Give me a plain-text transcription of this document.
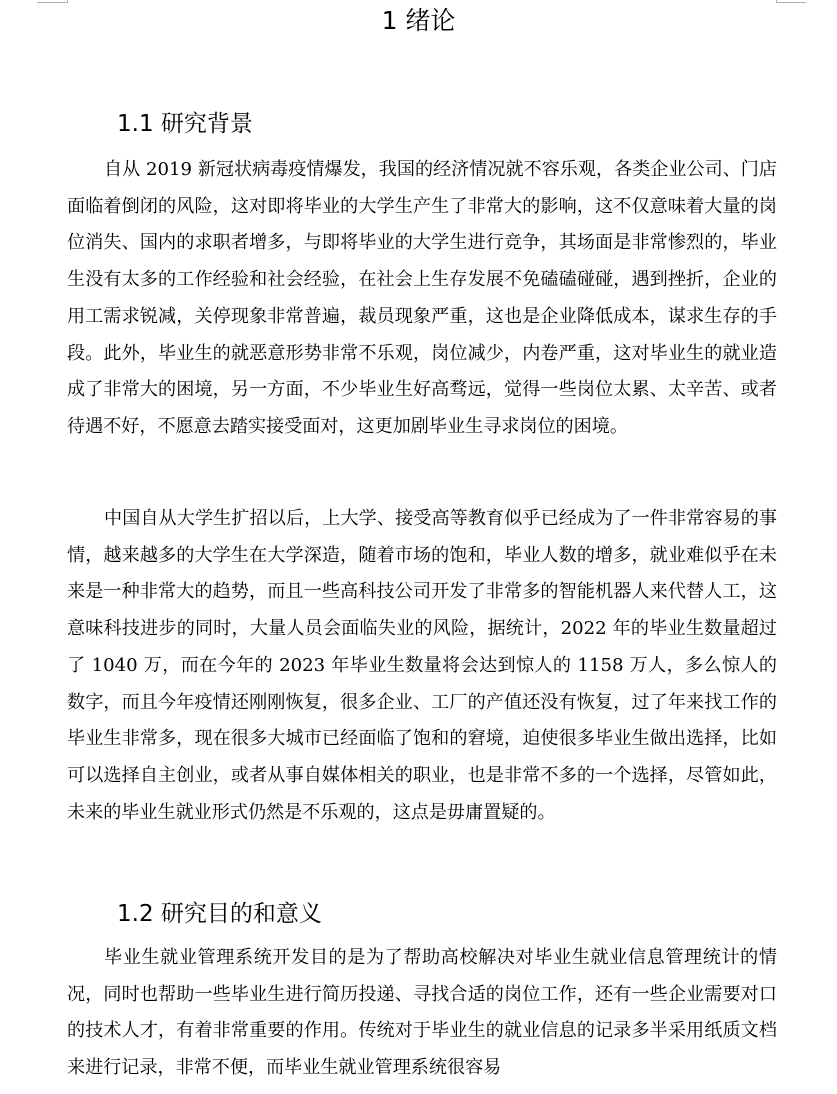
1 绪论
1.1 研究背景

自从 2019 新冠状病毒疫情爆发，我国的经济情况就不容乐观，各类企业公司、门店面临着倒闭的风险，这对即将毕业的大学生产生了非常大的影响，这不仅意味着大量的岗位消失、国内的求职者增多，与即将毕业的大学生进行竞争，其场面是非常惨烈的，毕业生没有太多的工作经验和社会经验，在社会上生存发展不免磕磕碰碰，遇到挫折，企业的用工需求锐减，关停现象非常普遍，裁员现象严重，这也是企业降低成本，谋求生存的手段。此外，毕业生的就恶意形势非常不乐观，岗位减少，内卷严重，这对毕业生的就业造成了非常大的困境，另一方面，不少毕业生好高骛远，觉得一些岗位太累、太辛苦、或者待遇不好，不愿意去踏实接受面对，这更加剧毕业生寻求岗位的困境。

中国自从大学生扩招以后，上大学、接受高等教育似乎已经成为了一件非常容易的事情，越来越多的大学生在大学深造，随着市场的饱和，毕业人数的增多，就业难似乎在未来是一种非常大的趋势，而且一些高科技公司开发了非常多的智能机器人来代替人工，这意味科技进步的同时，大量人员会面临失业的风险，据统计，2022 年的毕业生数量超过了 1040 万，而在今年的 2023 年毕业生数量将会达到惊人的 1158 万人，多么惊人的数字，而且今年疫情还刚刚恢复，很多企业、工厂的产值还没有恢复，过了年来找工作的毕业生非常多，现在很多大城市已经面临了饱和的窘境，迫使很多毕业生做出选择，比如可以选择自主创业，或者从事自媒体相关的职业，也是非常不多的一个选择，尽管如此，未来的毕业生就业形式仍然是不乐观的，这点是毋庸置疑的。

1.2 研究目的和意义

毕业生就业管理系统开发目的是为了帮助高校解决对毕业生就业信息管理统计的情况，同时也帮助一些毕业生进行简历投递、寻找合适的岗位工作，还有一些企业需要对口的技术人才，有着非常重要的作用。传统对于毕业生的就业信息的记录多半采用纸质文档来进行记录，非常不便，而毕业生就业管理系统很容易
